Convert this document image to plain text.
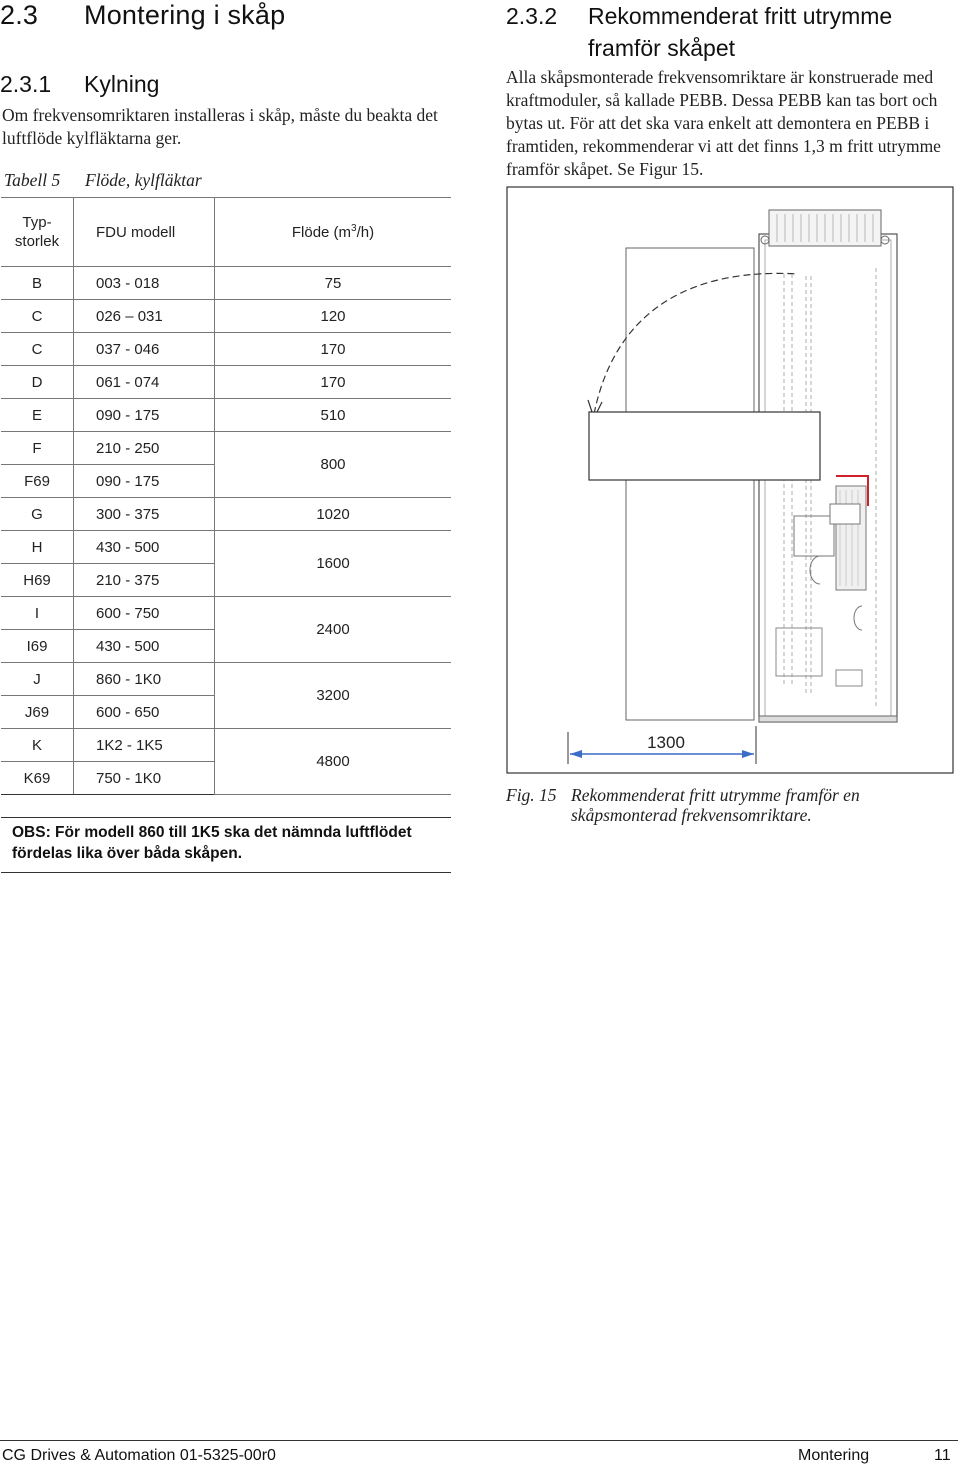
2.3 Montering i skåp
2.3.1 Kylning
Om frekvensomriktaren installeras i skåp, måste du beakta det luftflöde kylfläktarna ger.
Tabell 5 Flöde, kylfläktar
Typ-
storlek	FDU modell	Flöde $(m^3/h)$
B	003 - 018	75
C	026 – 031	120
C	037 - 046	170
D	061 - 074	170
E	090 - 175	510
F	210 - 250	800
F69	090 - 175	
G	300 - 375	1020
H	430 - 500	1600
H69	210 - 375	
I	600 - 750	2400
I69	430 - 500	
J	860 - 1K0	3200
J69	600 - 650	
K	1K2 - 1K5	4800
K69	750 - 1K0	
OBS: För modell 860 till 1K5 ska det nämnda luftflödet fördelas lika över båda skåpen.
2.3.2 Rekommenderat fritt utrymme
framför skåpet
Alla skåpsmonterade frekvensomriktare är konstruerade med kraftmoduler, så kallade PEBB. Dessa PEBB kan tas bort och bytas ut. För att det ska vara enkelt att demontera en PEBB i framtiden, rekommenderar vi att det finns 1,3 m fritt utrymme framför skåpet. Se Figur 15.
1300
Fig. 15 Rekommenderat fritt utrymme framför en skåpsmonterad frekvensomriktare.
CG Drives & Automation 01-5325-00r0	Montering	11
